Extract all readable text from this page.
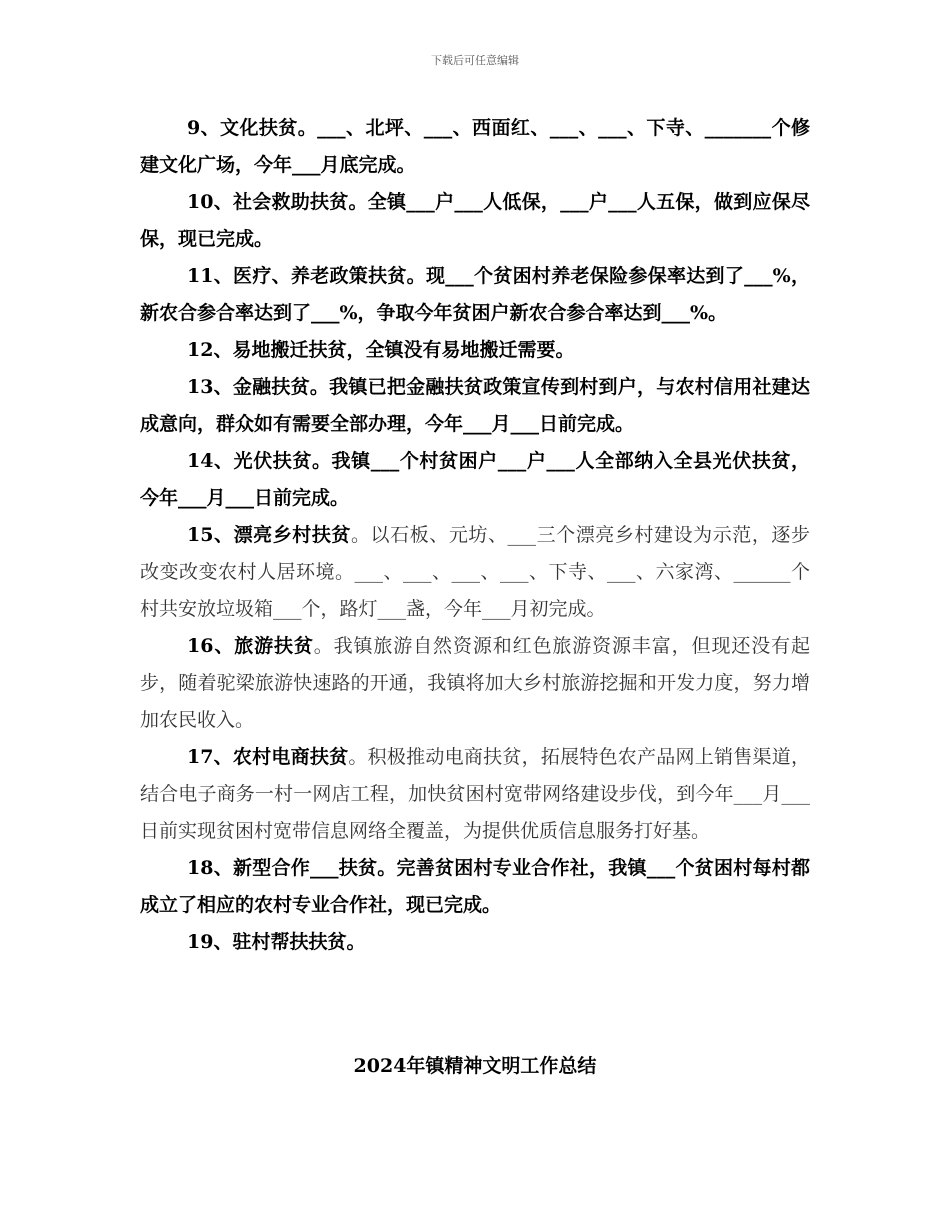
下载后可任意编辑

9、文化扶贫。___、北坪、___、西面红、___、___、下寺、_______个修建文化广场，今年___月底完成。

10、社会救助扶贫。全镇___户___人低保，___户___人五保，做到应保尽保，现已完成。

11、医疗、养老政策扶贫。现___个贫困村养老保险参保率达到了___%，新农合参合率达到了___%，争取今年贫困户新农合参合率达到___%。

12、易地搬迁扶贫，全镇没有易地搬迁需要。

13、金融扶贫。我镇已把金融扶贫政策宣传到村到户，与农村信用社建达成意向，群众如有需要全部办理，今年___月___日前完成。

14、光伏扶贫。我镇___个村贫困户___户___人全部纳入全县光伏扶贫，今年___月___日前完成。

15、漂亮乡村扶贫。以石板、元坊、___三个漂亮乡村建设为示范，逐步改变改变农村人居环境。___、___、___、___、下寺、___、六家湾、______个村共安放垃圾箱___个，路灯___盏，今年___月初完成。

16、旅游扶贫。我镇旅游自然资源和红色旅游资源丰富，但现还没有起步，随着驼梁旅游快速路的开通，我镇将加大乡村旅游挖掘和开发力度，努力增加农民收入。

17、农村电商扶贫。积极推动电商扶贫，拓展特色农产品网上销售渠道，结合电子商务一村一网店工程，加快贫困村宽带网络建设步伐，到今年___月___日前实现贫困村宽带信息网络全覆盖，为提供优质信息服务打好基。

18、新型合作___扶贫。完善贫困村专业合作社，我镇___个贫困村每村都成立了相应的农村专业合作社，现已完成。

19、驻村帮扶扶贫。

2024年镇精神文明工作总结
